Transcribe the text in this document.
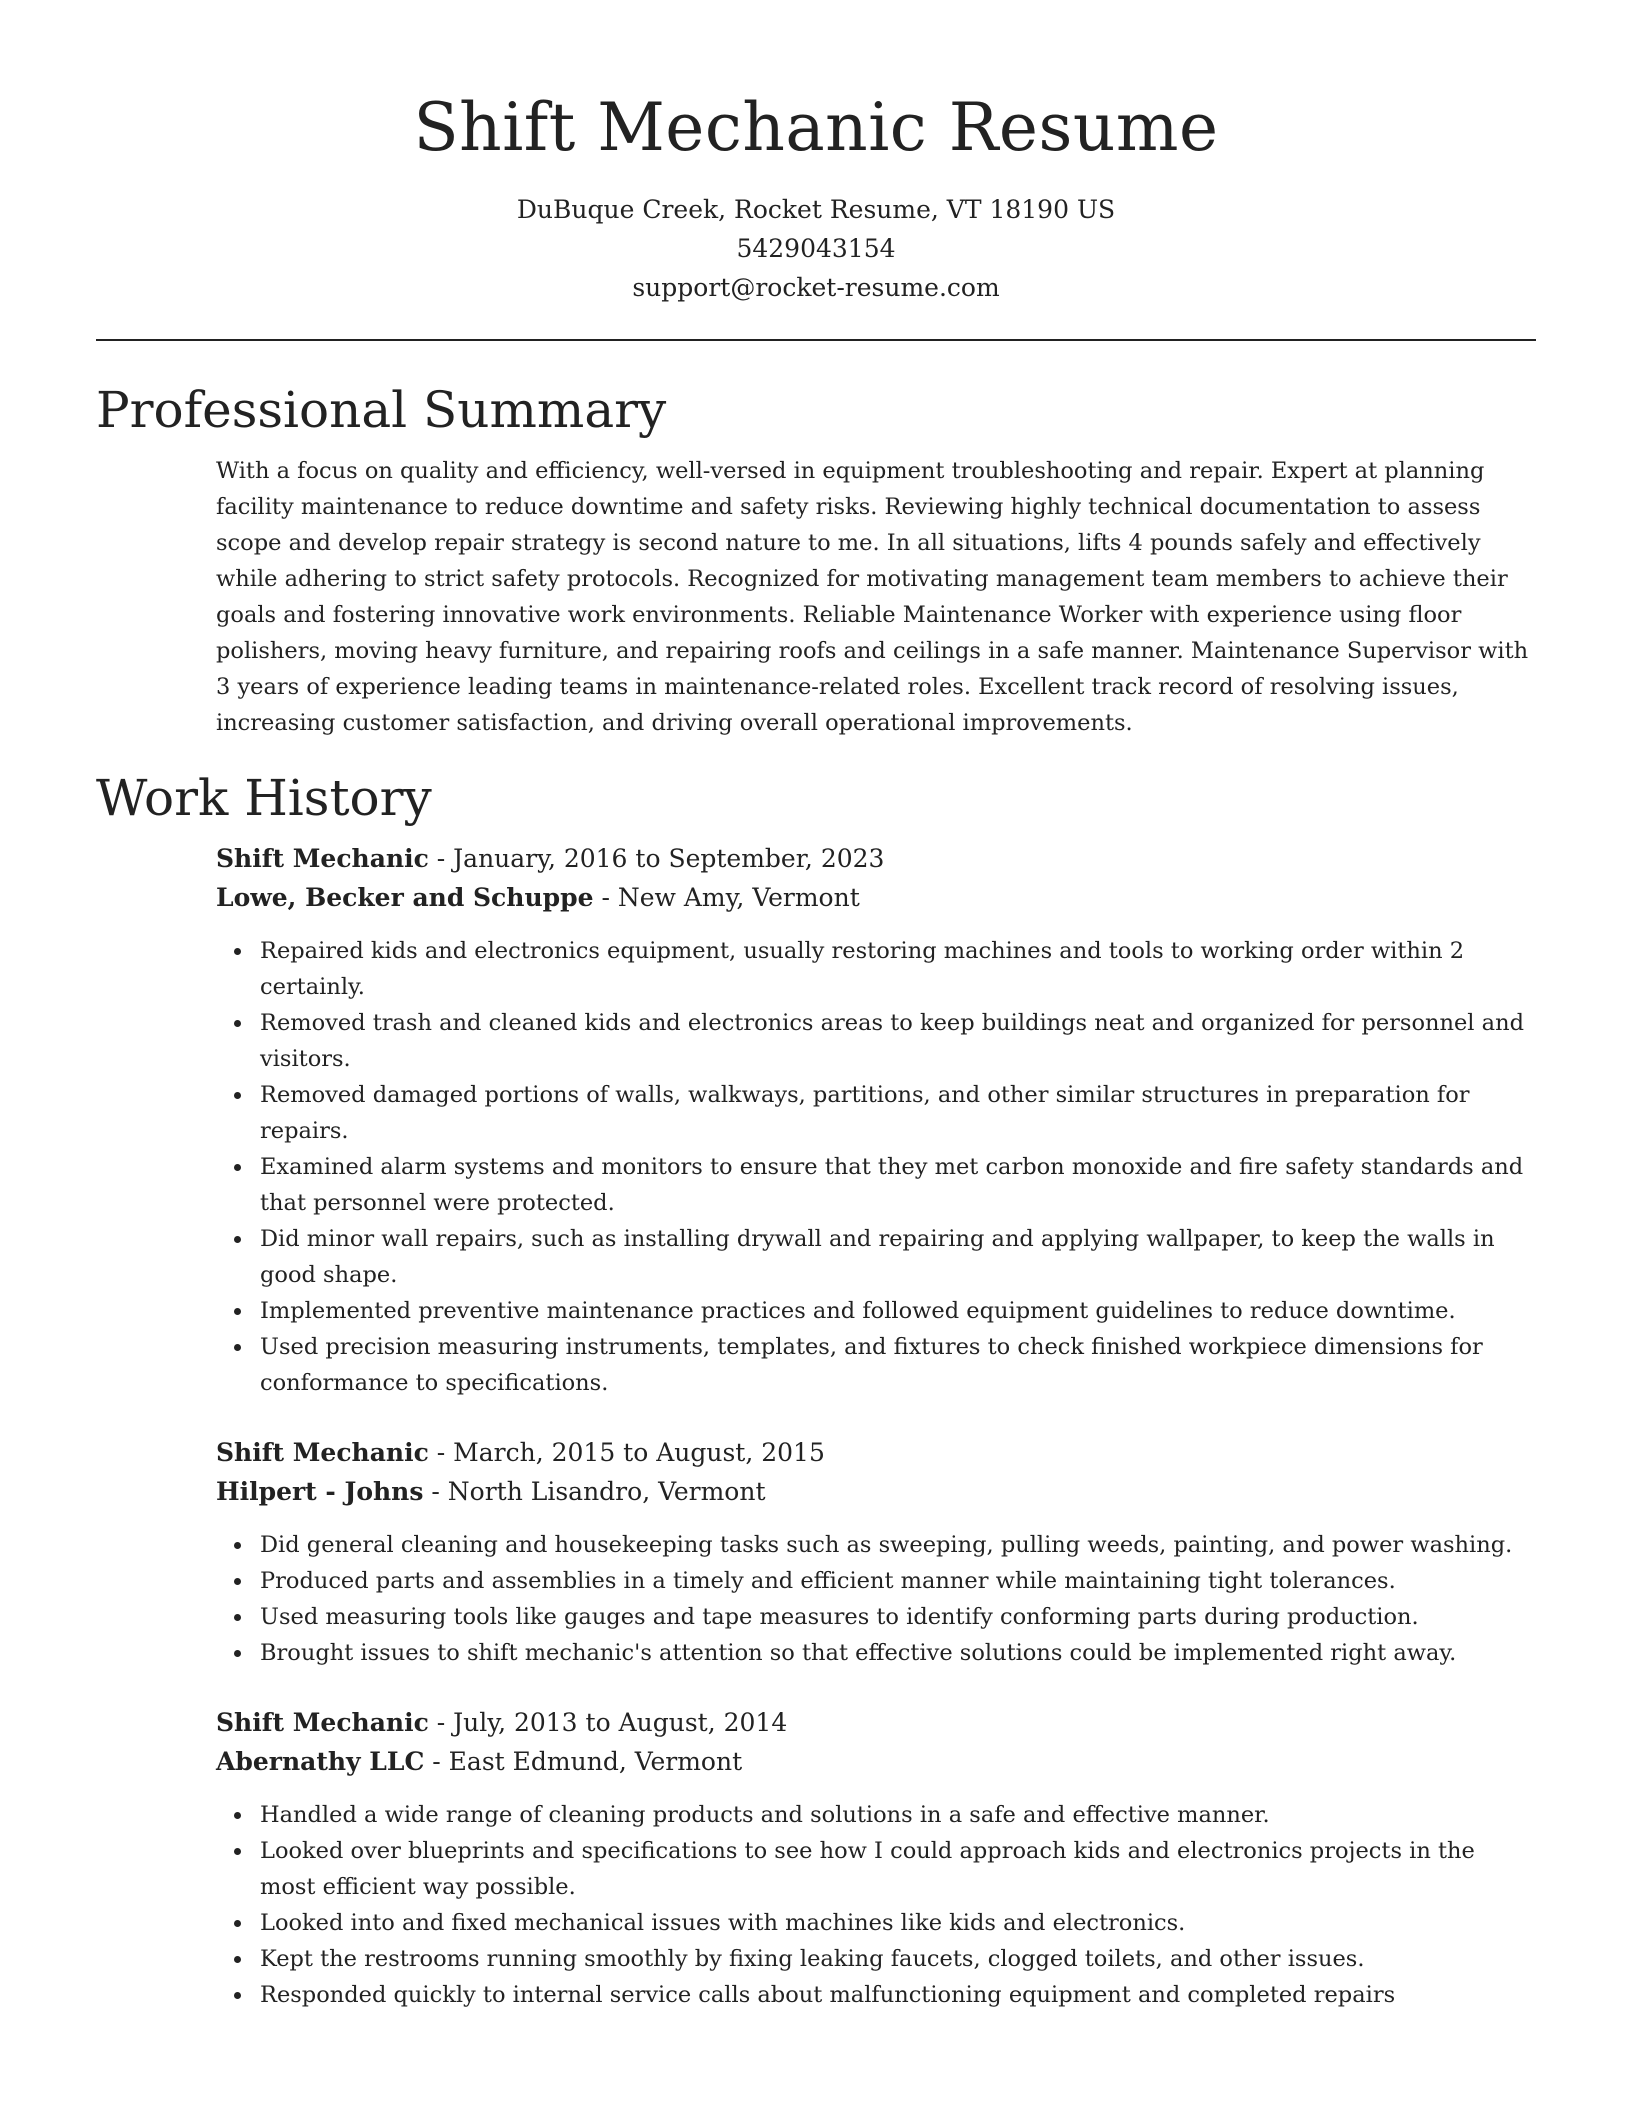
Shift Mechanic Resume
DuBuque Creek, Rocket Resume, VT 18190 US
5429043154
support@rocket-resume.com
Professional Summary

With a focus on quality and efficiency, well-versed in equipment troubleshooting and repair. Expert at planning facility maintenance to reduce downtime and safety risks. Reviewing highly technical documentation to assess scope and develop repair strategy is second nature to me. In all situations, lifts 4 pounds safely and effectively while adhering to strict safety protocols. Recognized for motivating management team members to achieve their goals and fostering innovative work environments. Reliable Maintenance Worker with experience using floor polishers, moving heavy furniture, and repairing roofs and ceilings in a safe manner. Maintenance Supervisor with 3 years of experience leading teams in maintenance-related roles. Excellent track record of resolving issues, increasing customer satisfaction, and driving overall operational improvements.

Work History
Shift Mechanic - January, 2016 to September, 2023
Lowe, Becker and Schuppe - New Amy, Vermont
Repaired kids and electronics equipment, usually restoring machines and tools to working order within 2 certainly.
Removed trash and cleaned kids and electronics areas to keep buildings neat and organized for personnel and visitors.
Removed damaged portions of walls, walkways, partitions, and other similar structures in preparation for repairs.
Examined alarm systems and monitors to ensure that they met carbon monoxide and fire safety standards and that personnel were protected.
Did minor wall repairs, such as installing drywall and repairing and applying wallpaper, to keep the walls in good shape.
Implemented preventive maintenance practices and followed equipment guidelines to reduce downtime.
Used precision measuring instruments, templates, and fixtures to check finished workpiece dimensions for conformance to specifications.
Shift Mechanic - March, 2015 to August, 2015
Hilpert - Johns - North Lisandro, Vermont
Did general cleaning and housekeeping tasks such as sweeping, pulling weeds, painting, and power washing.
Produced parts and assemblies in a timely and efficient manner while maintaining tight tolerances.
Used measuring tools like gauges and tape measures to identify conforming parts during production.
Brought issues to shift mechanic's attention so that effective solutions could be implemented right away.
Shift Mechanic - July, 2013 to August, 2014
Abernathy LLC - East Edmund, Vermont
Handled a wide range of cleaning products and solutions in a safe and effective manner.
Looked over blueprints and specifications to see how I could approach kids and electronics projects in the most efficient way possible.
Looked into and fixed mechanical issues with machines like kids and electronics.
Kept the restrooms running smoothly by fixing leaking faucets, clogged toilets, and other issues.
Responded quickly to internal service calls about malfunctioning equipment and completed repairs
